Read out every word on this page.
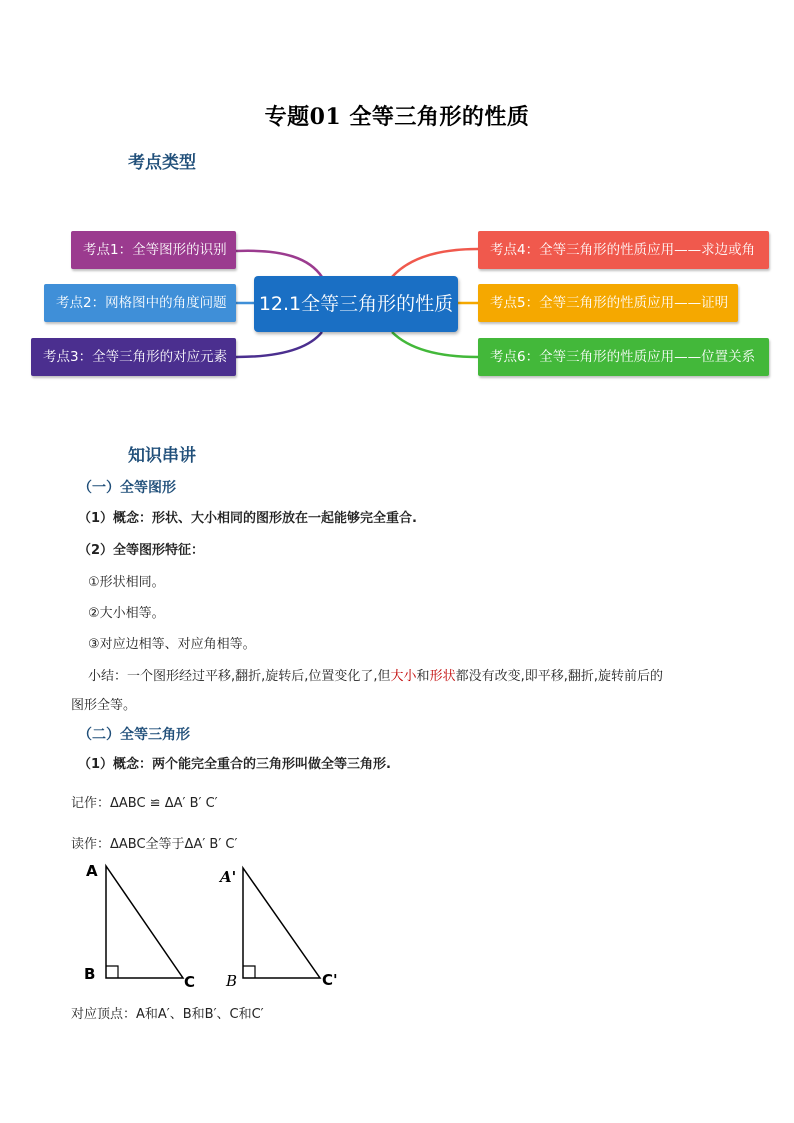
专题01 全等三角形的性质
考点类型
12.1全等三角形的性质
考点1：全等图形的识别
考点2：网格图中的角度问题
考点3：全等三角形的对应元素
考点4：全等三角形的性质应用——求边或角
考点5：全等三角形的性质应用——证明
考点6：全等三角形的性质应用——位置关系
知识串讲
（一）全等图形
（1）概念：形状、大小相同的图形放在一起能够完全重合.
（2）全等图形特征：
①形状相同。
②大小相等。
③对应边相等、对应角相等。
小结：一个图形经过平移,翻折,旋转后,位置变化了,但大小和形状都没有改变,即平移,翻折,旋转前后的
图形全等。
（二）全等三角形
（1）概念：两个能完全重合的三角形叫做全等三角形.
记作：ΔABC ≌ ΔA′ B′ C′
读作：ΔABC全等于ΔA′ B′ C′
A
B	C
A'
B	C'
对应顶点：A和A′、B和B′、C和C′
